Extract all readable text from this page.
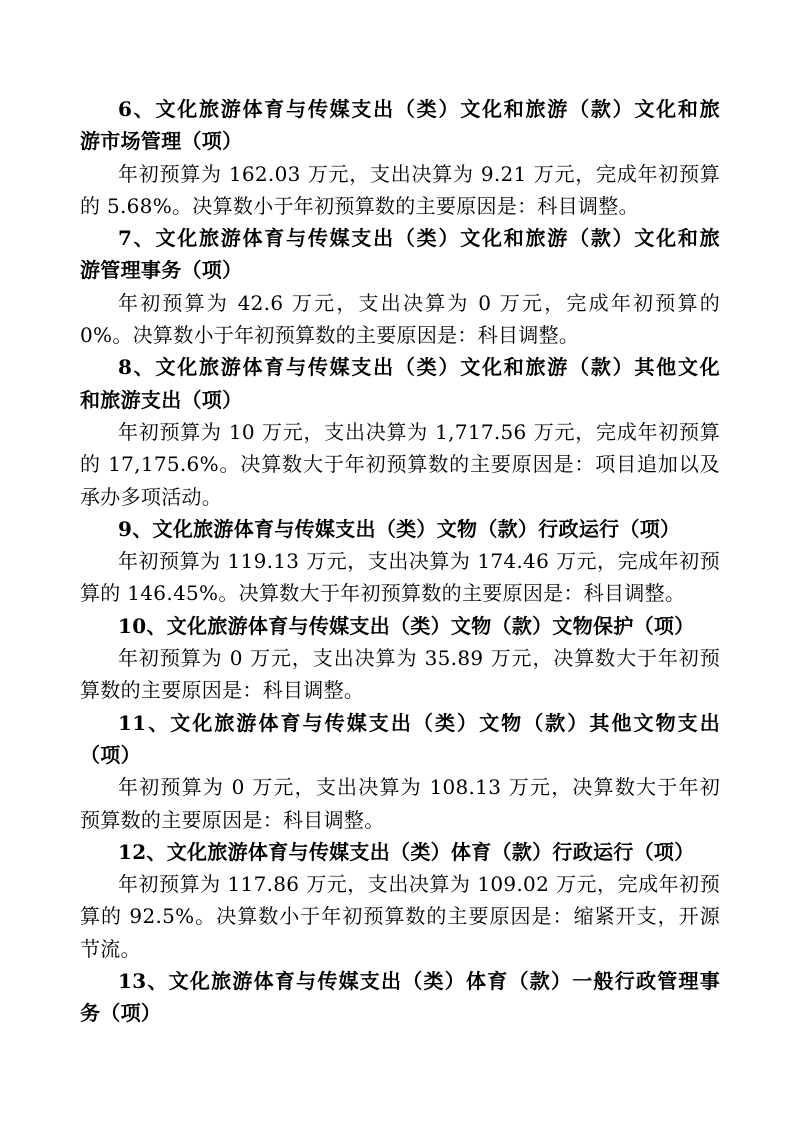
6、文化旅游体育与传媒支出（类）文化和旅游（款）文化和旅
游市场管理（项）
年初预算为 162.03 万元，支出决算为 9.21 万元，完成年初预算
的 5.68%。决算数小于年初预算数的主要原因是：科目调整。
7、文化旅游体育与传媒支出（类）文化和旅游（款）文化和旅
游管理事务（项）
年初预算为 42.6 万元，支出决算为 0 万元，完成年初预算的
0%。决算数小于年初预算数的主要原因是：科目调整。
8、文化旅游体育与传媒支出（类）文化和旅游（款）其他文化
和旅游支出（项）
年初预算为 10 万元，支出决算为 1,717.56 万元，完成年初预算
的 17,175.6%。决算数大于年初预算数的主要原因是：项目追加以及
承办多项活动。
9、文化旅游体育与传媒支出（类）文物（款）行政运行（项）
年初预算为 119.13 万元，支出决算为 174.46 万元，完成年初预
算的 146.45%。决算数大于年初预算数的主要原因是：科目调整。
10、文化旅游体育与传媒支出（类）文物（款）文物保护（项）
年初预算为 0 万元，支出决算为 35.89 万元，决算数大于年初预
算数的主要原因是：科目调整。
11、文化旅游体育与传媒支出（类）文物（款）其他文物支出
（项）
年初预算为 0 万元，支出决算为 108.13 万元，决算数大于年初
预算数的主要原因是：科目调整。
12、文化旅游体育与传媒支出（类）体育（款）行政运行（项）
年初预算为 117.86 万元，支出决算为 109.02 万元，完成年初预
算的 92.5%。决算数小于年初预算数的主要原因是：缩紧开支，开源
节流。
13、文化旅游体育与传媒支出（类）体育（款）一般行政管理事
务（项）
